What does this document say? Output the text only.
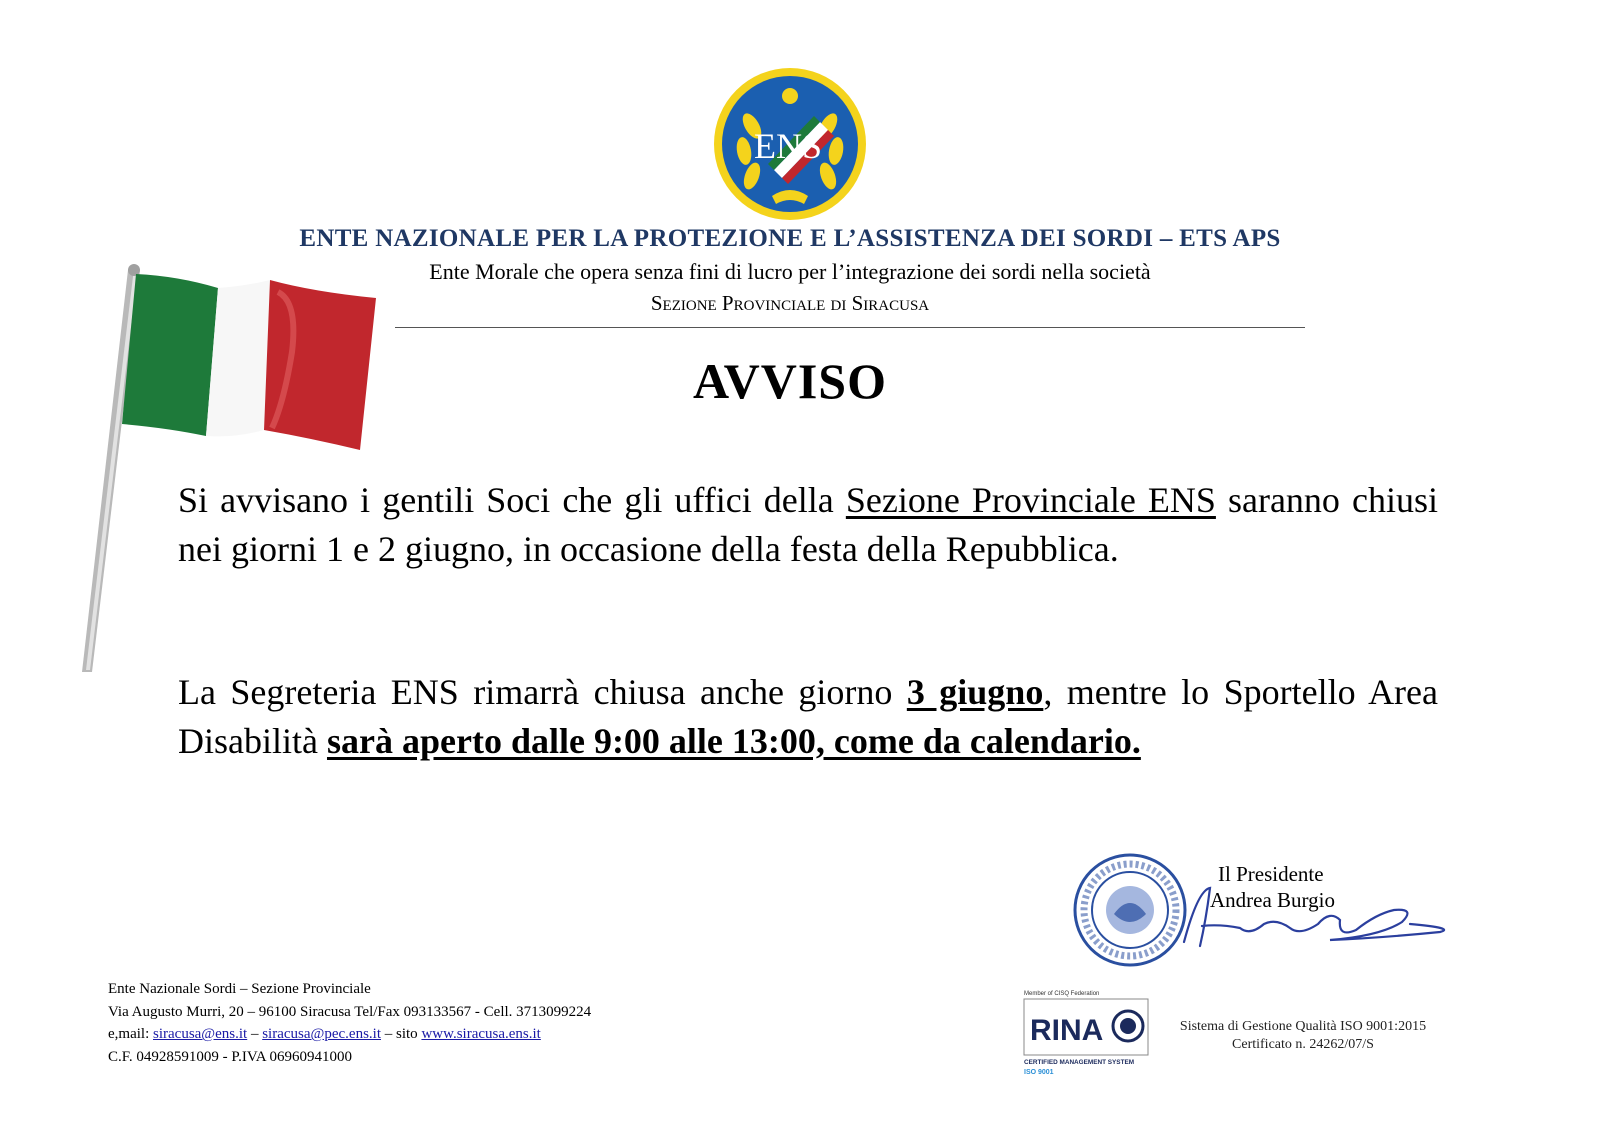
ENS
ENTE NAZIONALE PER LA PROTEZIONE E L’ASSISTENZA DEI SORDI – ETS APS
Ente Morale che opera senza fini di lucro per l’integrazione dei sordi nella società
Sezione Provinciale di Siracusa
AVVISO
Si avvisano i gentili Soci che gli uffici della Sezione Provinciale ENS saranno chiusi nei giorni 1 e 2 giugno, in occasione della festa della Repubblica.
La Segreteria ENS rimarrà chiusa anche giorno 3 giugno, mentre lo Sportello Area Disabilità sarà aperto dalle 9:00 alle 13:00, come da calendario.
Il Presidente
Andrea Burgio
Ente Nazionale Sordi – Sezione Provinciale
Via Augusto Murri, 20 – 96100 Siracusa Tel/Fax 093133567 - Cell. 3713099224
e,mail: siracusa@ens.it – siracusa@pec.ens.it – sito www.siracusa.ens.it
C.F. 04928591009 - P.IVA 06960941000
Member of CISQ Federation
RINA
CERTIFIED MANAGEMENT SYSTEM
ISO 9001
Sistema di Gestione Qualità ISO 9001:2015
Certificato n. 24262/07/S
